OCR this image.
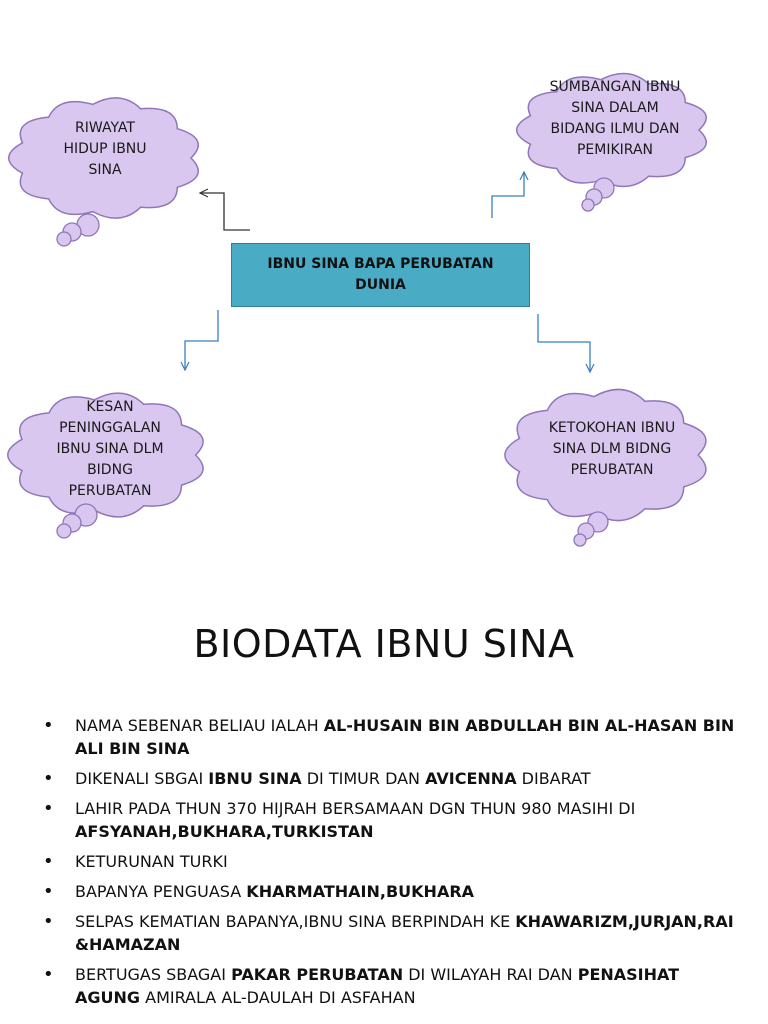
RIWAYAT
HIDUP IBNU
SINA
SUMBANGAN IBNU
SINA DALAM
BIDANG ILMU DAN
PEMIKIRAN
KESAN
PENINGGALAN
IBNU SINA DLM
BIDNG
PERUBATAN
KETOKOHAN IBNU
SINA DLM BIDNG
PERUBATAN
IBNU SINA BAPA PERUBATAN DUNIA
BIODATA IBNU SINA
• NAMA SEBENAR BELIAU IALAH AL-HUSAIN BIN ABDULLAH BIN AL-HASAN BIN ALI BIN SINA
• DIKENALI SBGAI IBNU SINA DI TIMUR DAN AVICENNA DIBARAT
• LAHIR PADA THUN 370 HIJRAH BERSAMAAN DGN THUN 980 MASIHI DI AFSYANAH,BUKHARA,TURKISTAN
• KETURUNAN TURKI
• BAPANYA PENGUASA KHARMATHAIN,BUKHARA
• SELPAS KEMATIAN BAPANYA,IBNU SINA BERPINDAH KE KHAWARIZM,JURJAN,RAI &HAMAZAN
• BERTUGAS SBAGAI PAKAR PERUBATAN DI WILAYAH RAI DAN PENASIHAT AGUNG AMIRALA AL-DAULAH DI ASFAHAN
